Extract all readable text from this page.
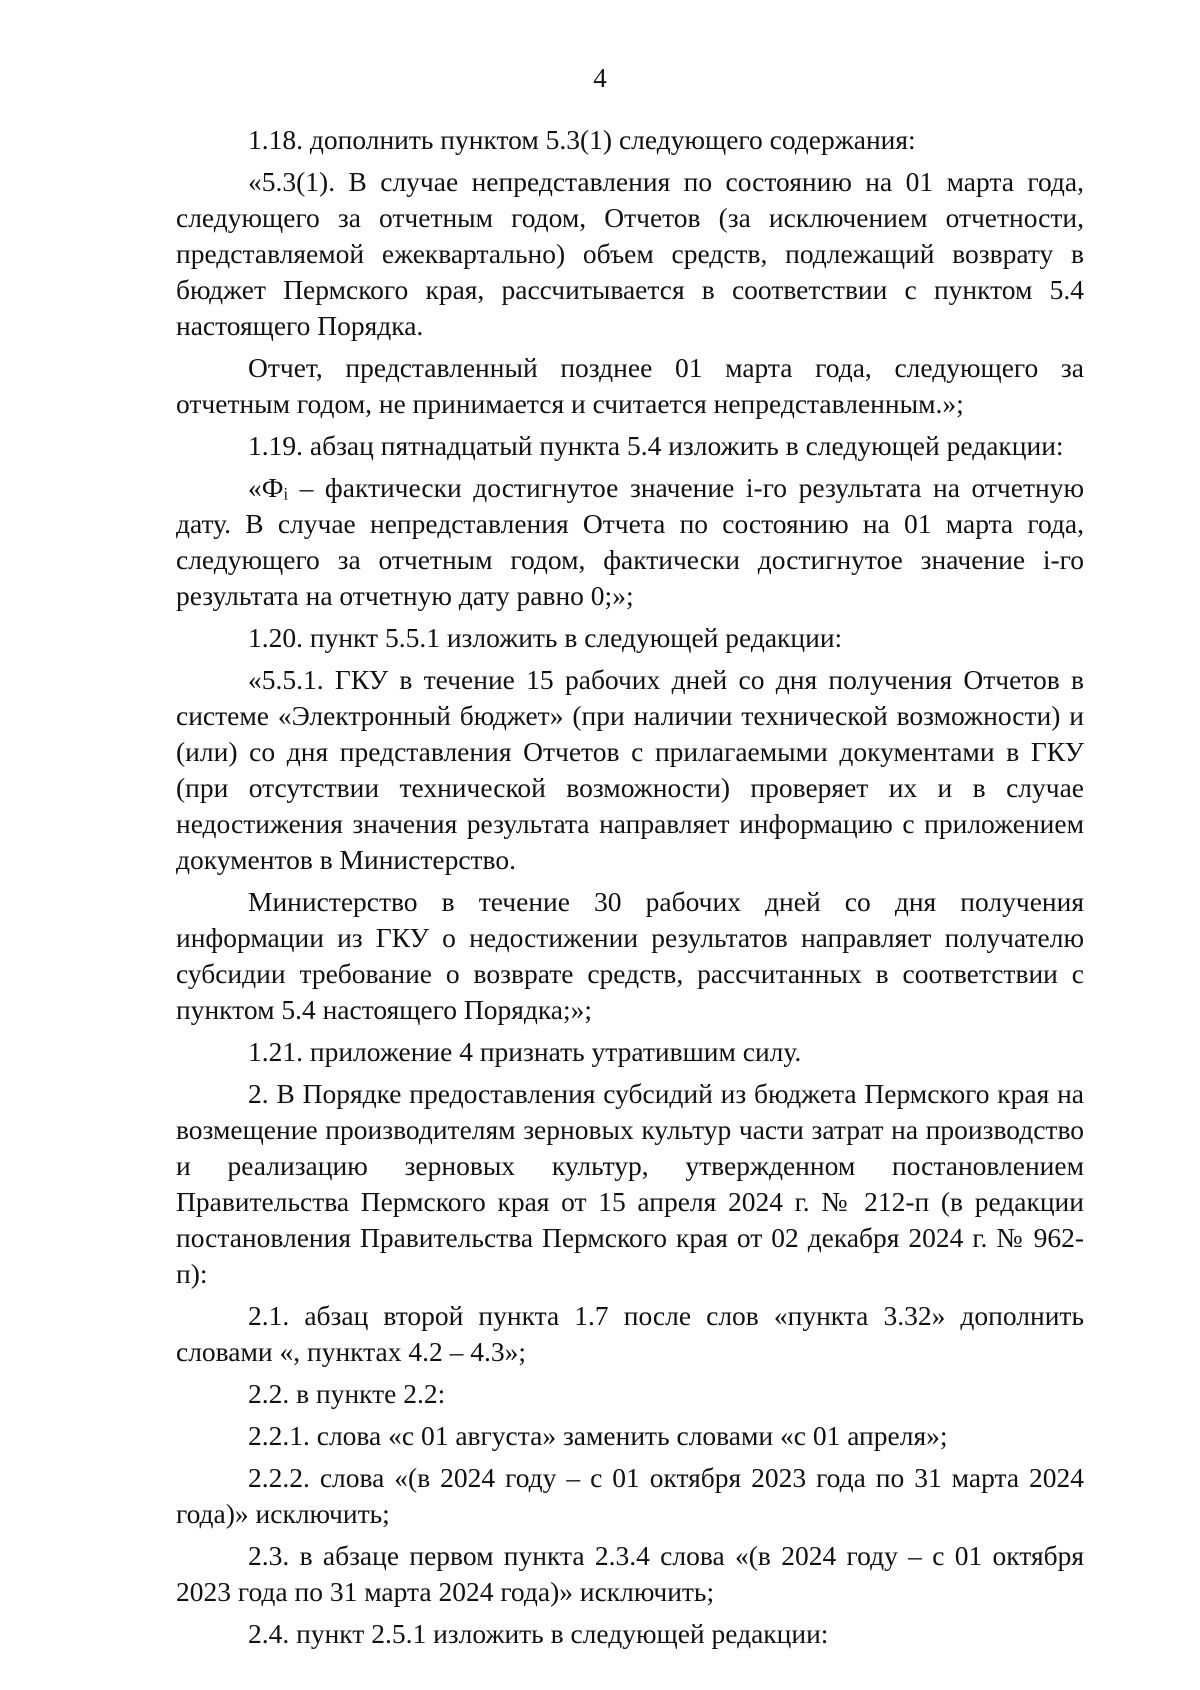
4

1.18. дополнить пунктом 5.3(1) следующего содержания:

«5.3(1). В случае непредставления по состоянию на 01 марта года, следующего за отчетным годом, Отчетов (за исключением отчетности, представляемой ежеквартально) объем средств, подлежащий возврату в бюджет Пермского края, рассчитывается в соответствии с пунктом 5.4 настоящего Порядка.

Отчет, представленный позднее 01 марта года, следующего за отчетным годом, не принимается и считается непредставленным.»;

1.19. абзац пятнадцатый пункта 5.4 изложить в следующей редакции:

«Фᵢ – фактически достигнутое значение i-го результата на отчетную дату. В случае непредставления Отчета по состоянию на 01 марта года, следующего за отчетным годом, фактически достигнутое значение i-го результата на отчетную дату равно 0;»;

1.20. пункт 5.5.1 изложить в следующей редакции:

«5.5.1. ГКУ в течение 15 рабочих дней со дня получения Отчетов в системе «Электронный бюджет» (при наличии технической возможности) и (или) со дня представления Отчетов с прилагаемыми документами в ГКУ (при отсутствии технической возможности) проверяет их и в случае недостижения значения результата направляет информацию с приложением документов в Министерство.

Министерство в течение 30 рабочих дней со дня получения информации из ГКУ о недостижении результатов направляет получателю субсидии требование о возврате средств, рассчитанных в соответствии с пунктом 5.4 настоящего Порядка;»;

1.21. приложение 4 признать утратившим силу.

2. В Порядке предоставления субсидий из бюджета Пермского края на возмещение производителям зерновых культур части затрат на производство и реализацию зерновых культур, утвержденном постановлением Правительства Пермского края от 15 апреля 2024 г. № 212-п (в редакции постановления Правительства Пермского края от 02 декабря 2024 г. № 962-п):

2.1. абзац второй пункта 1.7 после слов «пункта 3.32» дополнить словами «, пунктах 4.2 – 4.3»;

2.2. в пункте 2.2:

2.2.1. слова «с 01 августа» заменить словами «с 01 апреля»;

2.2.2. слова «(в 2024 году – с 01 октября 2023 года по 31 марта 2024 года)» исключить;

2.3. в абзаце первом пункта 2.3.4 слова «(в 2024 году – с 01 октября 2023 года по 31 марта 2024 года)» исключить;

2.4. пункт 2.5.1 изложить в следующей редакции:
